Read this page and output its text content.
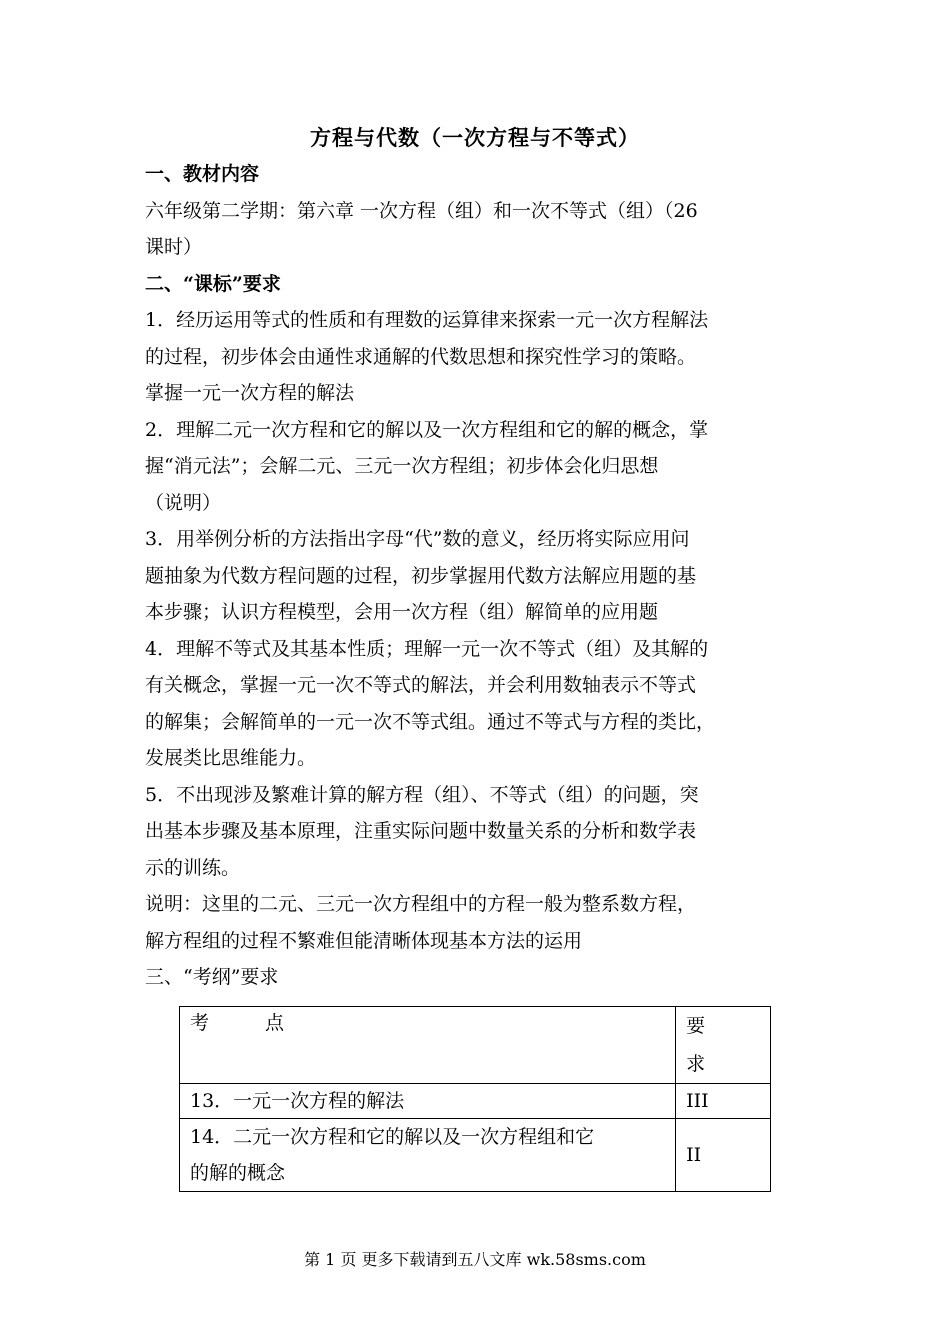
方程与代数（一次方程与不等式）
一、教材内容
六年级第二学期：第六章 一次方程（组）和一次不等式（组）（26
课时）
二、“课标”要求
1．经历运用等式的性质和有理数的运算律来探索一元一次方程解法
的过程，初步体会由通性求通解的代数思想和探究性学习的策略。
掌握一元一次方程的解法
2．理解二元一次方程和它的解以及一次方程组和它的解的概念，掌
握“消元法”；会解二元、三元一次方程组；初步体会化归思想
（说明）
3．用举例分析的方法指出字母“代”数的意义，经历将实际应用问
题抽象为代数方程问题的过程，初步掌握用代数方法解应用题的基
本步骤；认识方程模型，会用一次方程（组）解简单的应用题
4．理解不等式及其基本性质；理解一元一次不等式（组）及其解的
有关概念，掌握一元一次不等式的解法，并会利用数轴表示不等式
的解集；会解简单的一元一次不等式组。通过不等式与方程的类比，
发展类比思维能力。
5．不出现涉及繁难计算的解方程（组）、不等式（组）的问题，突
出基本步骤及基本原理，注重实际问题中数量关系的分析和数学表
示的训练。
说明：这里的二元、三元一次方程组中的方程一般为整系数方程，
解方程组的过程不繁难但能清晰体现基本方法的运用
三、“考纲”要求
考 点	要
求

13．一元一次方程的解法	III

14．二元一次方程和它的解以及一次方程组和它
的解的概念	II
第 1 页 更多下载请到五八文库 wk.58sms.com
